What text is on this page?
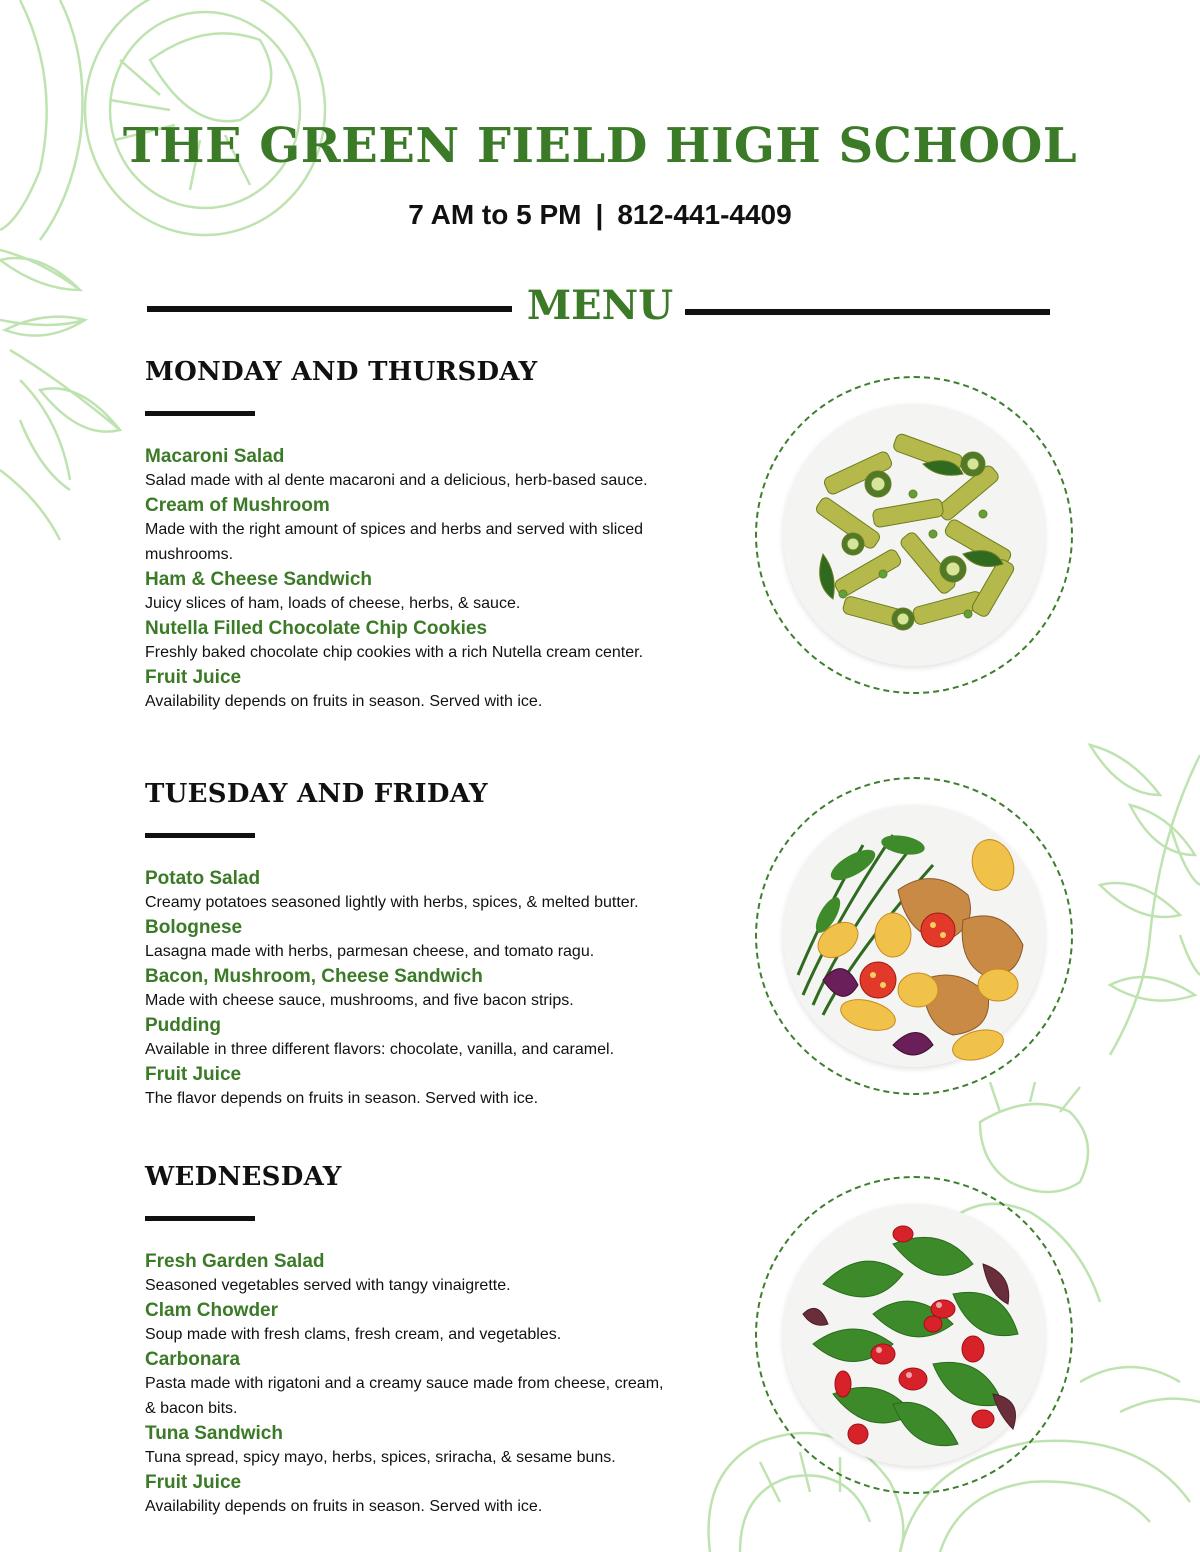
THE GREEN FIELD HIGH SCHOOL
7 AM to 5 PM | 812-441-4409
MENU
MONDAY AND THURSDAY
Macaroni Salad
Salad made with al dente macaroni and a delicious, herb-based sauce.
Cream of Mushroom
Made with the right amount of spices and herbs and served with sliced mushrooms.
Ham & Cheese Sandwich
Juicy slices of ham, loads of cheese, herbs, & sauce.
Nutella Filled Chocolate Chip Cookies
Freshly baked chocolate chip cookies with a rich Nutella cream center.
Fruit Juice
Availability depends on fruits in season. Served with ice.
TUESDAY AND FRIDAY
Potato Salad
Creamy potatoes seasoned lightly with herbs, spices, & melted butter.
Bolognese
Lasagna made with herbs, parmesan cheese, and tomato ragu.
Bacon, Mushroom, Cheese Sandwich
Made with cheese sauce, mushrooms, and five bacon strips.
Pudding
Available in three different flavors: chocolate, vanilla, and caramel.
Fruit Juice
The flavor depends on fruits in season. Served with ice.
WEDNESDAY
Fresh Garden Salad
Seasoned vegetables served with tangy vinaigrette.
Clam Chowder
Soup made with fresh clams, fresh cream, and vegetables.
Carbonara
Pasta made with rigatoni and a creamy sauce made from cheese, cream, & bacon bits.
Tuna Sandwich
Tuna spread, spicy mayo, herbs, spices, sriracha, & sesame buns.
Fruit Juice
Availability depends on fruits in season. Served with ice.
